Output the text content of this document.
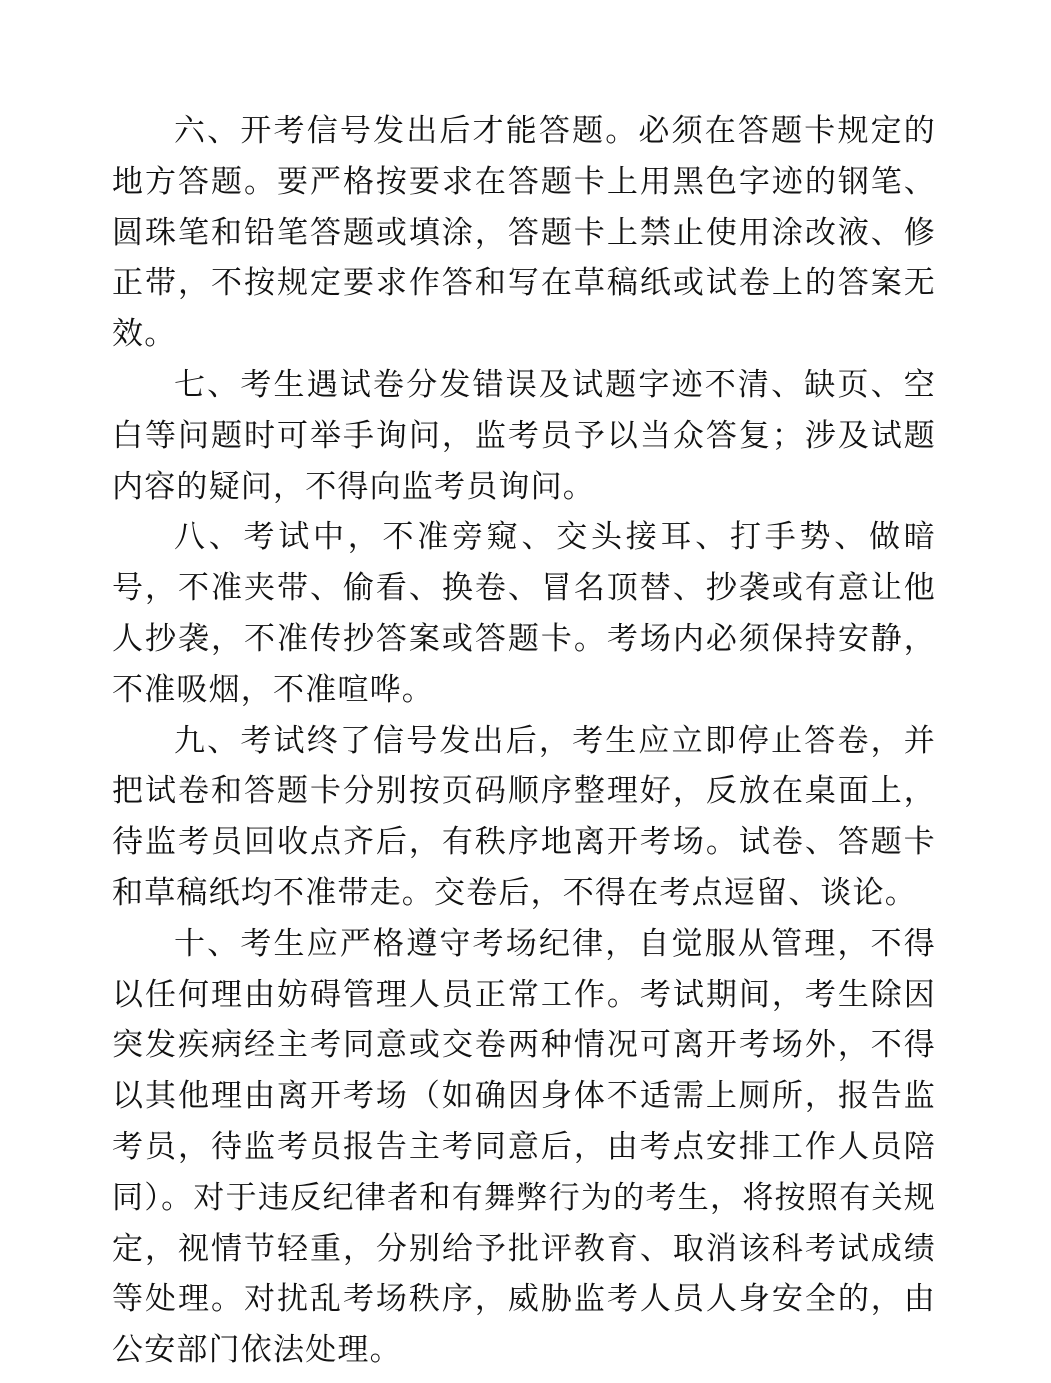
六、开考信号发出后才能答题。必须在答题卡规定的地方答题。要严格按要求在答题卡上用黑色字迹的钢笔、圆珠笔和铅笔答题或填涂，答题卡上禁止使用涂改液、修正带，不按规定要求作答和写在草稿纸或试卷上的答案无效。

七、考生遇试卷分发错误及试题字迹不清、缺页、空白等问题时可举手询问，监考员予以当众答复；涉及试题内容的疑问，不得向监考员询问。

八、考试中，不准旁窥、交头接耳、打手势、做暗号，不准夹带、偷看、换卷、冒名顶替、抄袭或有意让他人抄袭，不准传抄答案或答题卡。考场内必须保持安静，不准吸烟，不准喧哗。

九、考试终了信号发出后，考生应立即停止答卷，并把试卷和答题卡分别按页码顺序整理好，反放在桌面上，待监考员回收点齐后，有秩序地离开考场。试卷、答题卡和草稿纸均不准带走。交卷后，不得在考点逗留、谈论。

十、考生应严格遵守考场纪律，自觉服从管理，不得以任何理由妨碍管理人员正常工作。考试期间，考生除因突发疾病经主考同意或交卷两种情况可离开考场外，不得以其他理由离开考场（如确因身体不适需上厕所，报告监考员，待监考员报告主考同意后，由考点安排工作人员陪同）。对于违反纪律者和有舞弊行为的考生，将按照有关规定，视情节轻重，分别给予批评教育、取消该科考试成绩等处理。对扰乱考场秩序，威胁监考人员人身安全的，由公安部门依法处理。
